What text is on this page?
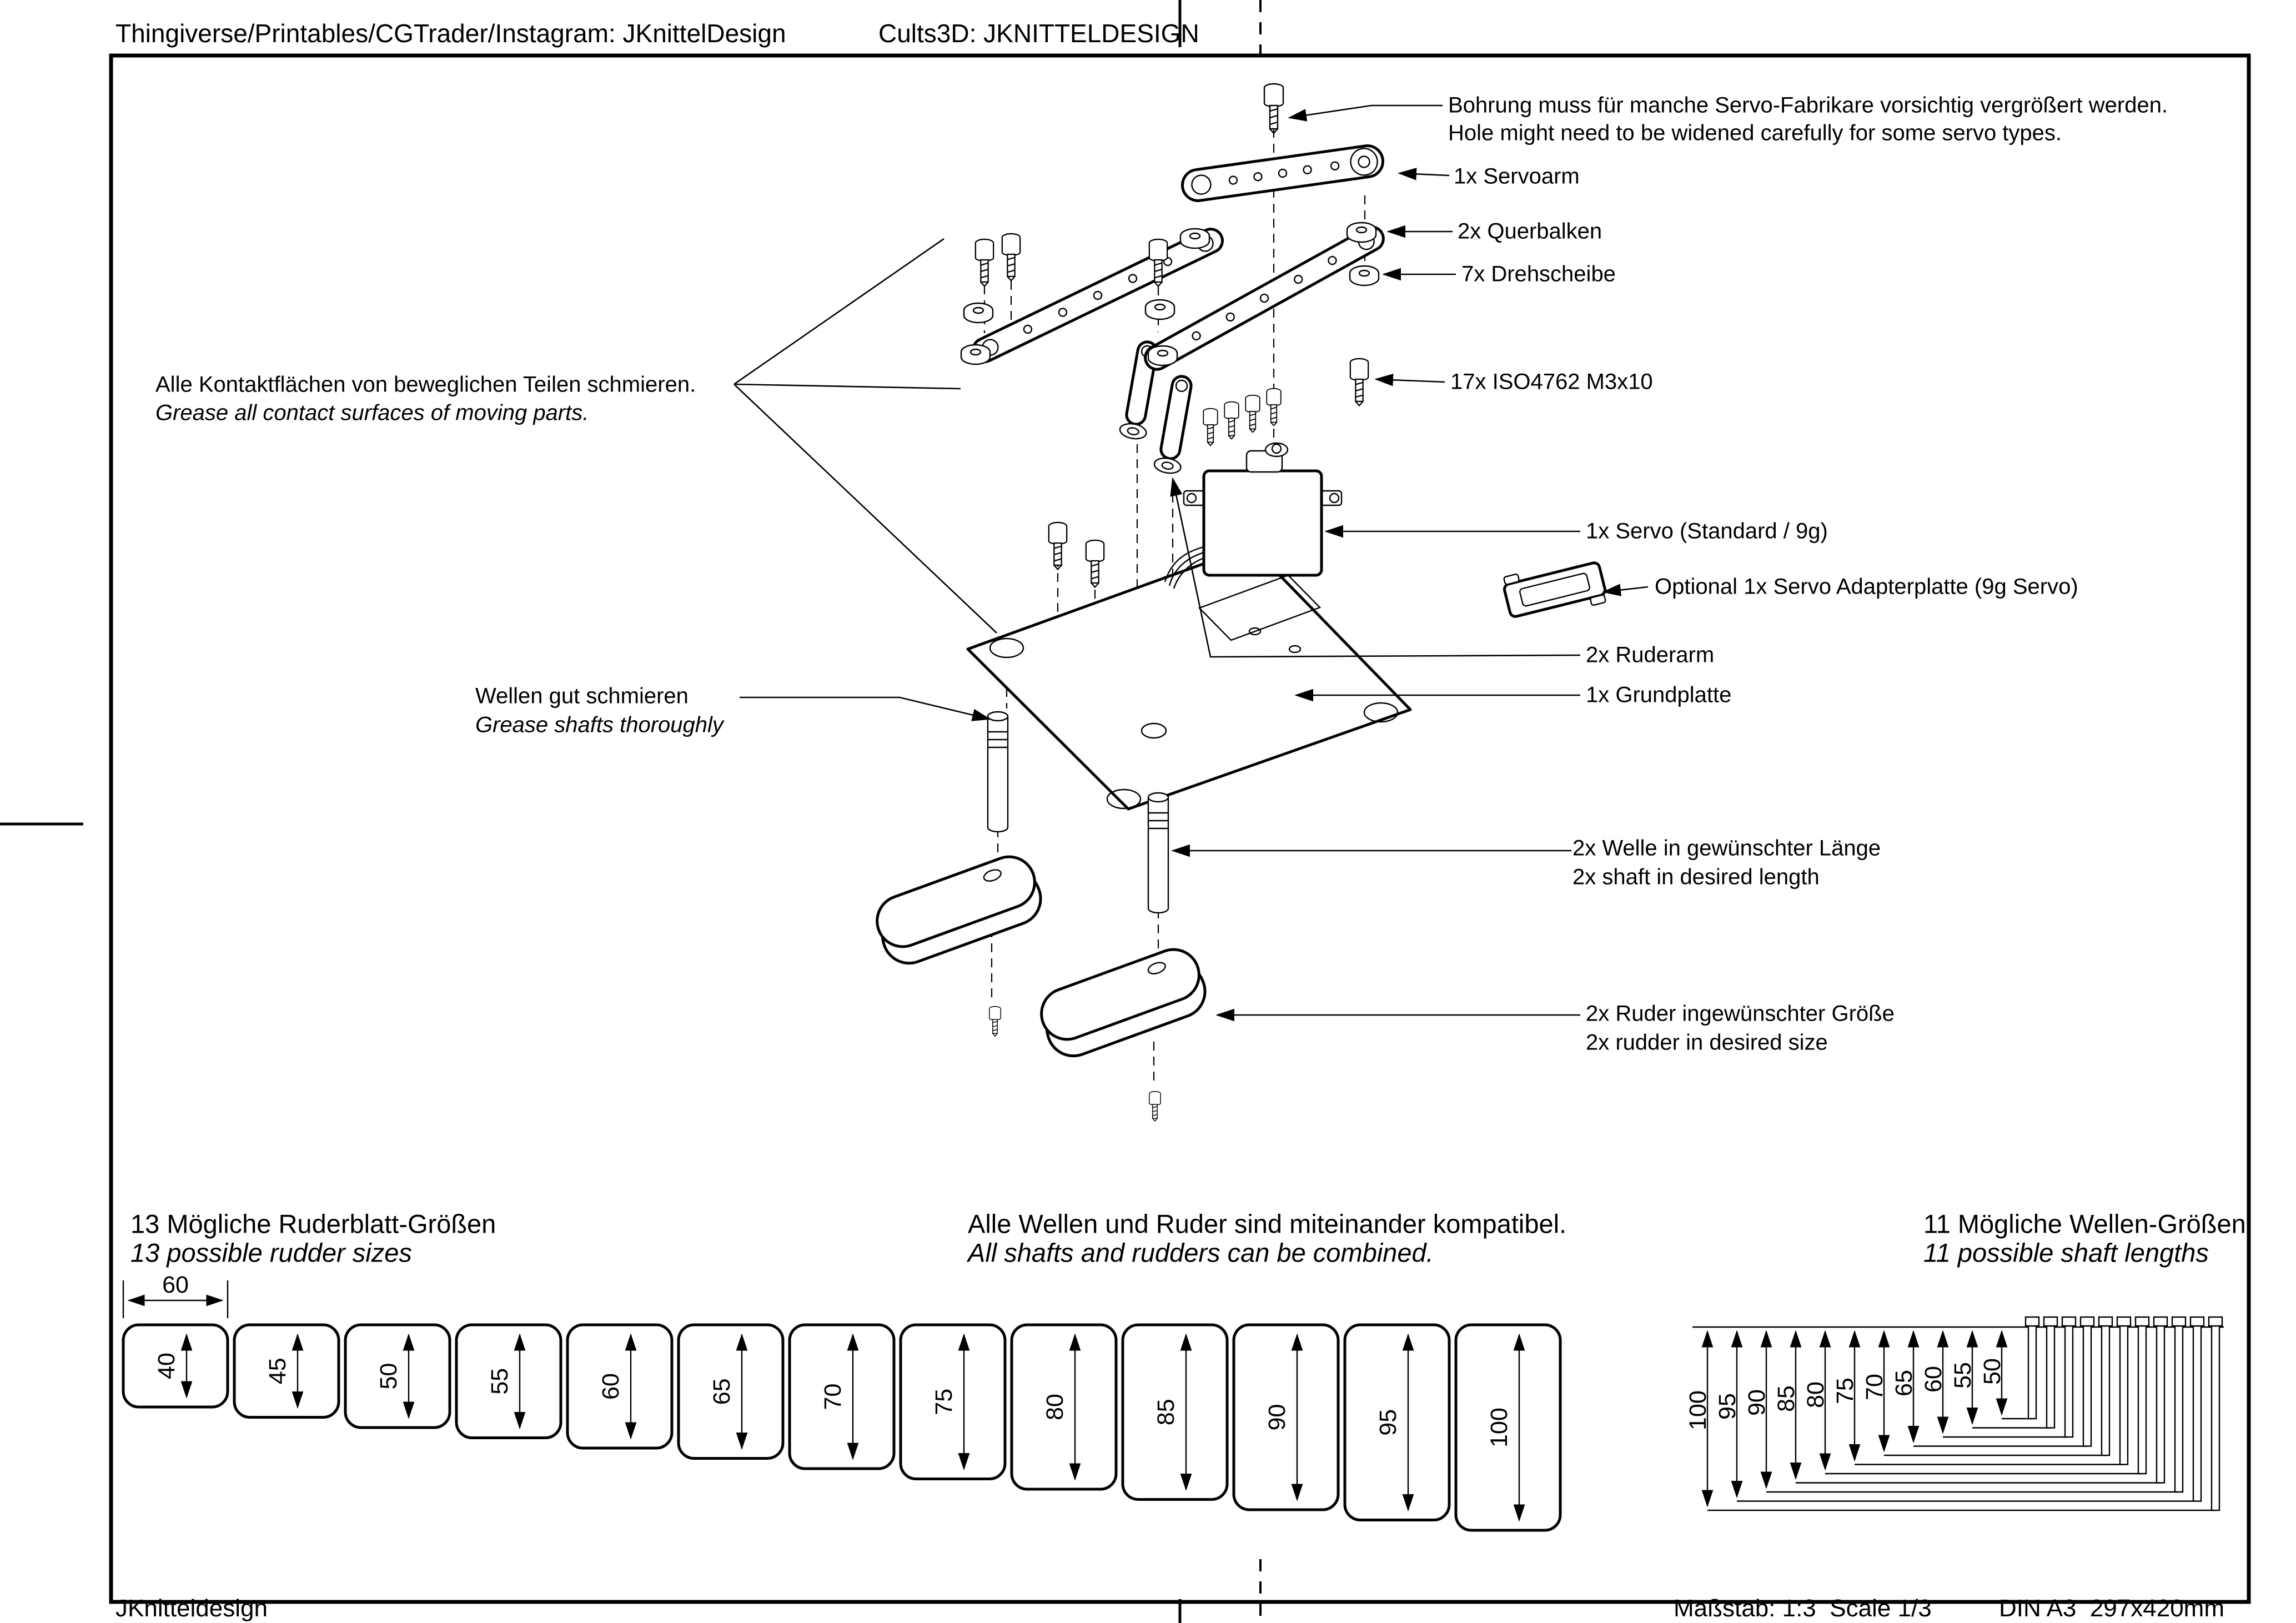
40	45	50	55	60	65	70	75	80	85	90	95	100
60
100 95 90 85 80 75 70 65 60 55 50
Thingiverse/Printables/CGTrader/Instagram: JKnittelDesign	Cults3D: JKNITTELDESIGN
Bohrung muss für manche Servo-Fabrikare vorsichtig vergrößert werden.
Hole might need to be widened carefully for some servo types.
1x Servoarm
2x Querbalken
7x Drehscheibe
17x ISO4762 M3x10
1x Servo (Standard / 9g)
Optional 1x Servo Adapterplatte (9g Servo)
2x Ruderarm
1x Grundplatte
Alle Kontaktflächen von beweglichen Teilen schmieren.
Grease all contact surfaces of moving parts.
Wellen gut schmieren
Grease shafts thoroughly
2x Welle in gewünschter Länge
2x shaft in desired length
2x Ruder ingewünschter Größe
2x rudder in desired size
13 Mögliche Ruderblatt-Größen
13 possible rudder sizes
Alle Wellen und Ruder sind miteinander kompatibel.
All shafts and rudders can be combined.
11 Mögliche Wellen-Größen
11 possible shaft lengths
JKnitteldesign	Maßstab: 1:3  Scale 1/3	DIN A3  297x420mm
